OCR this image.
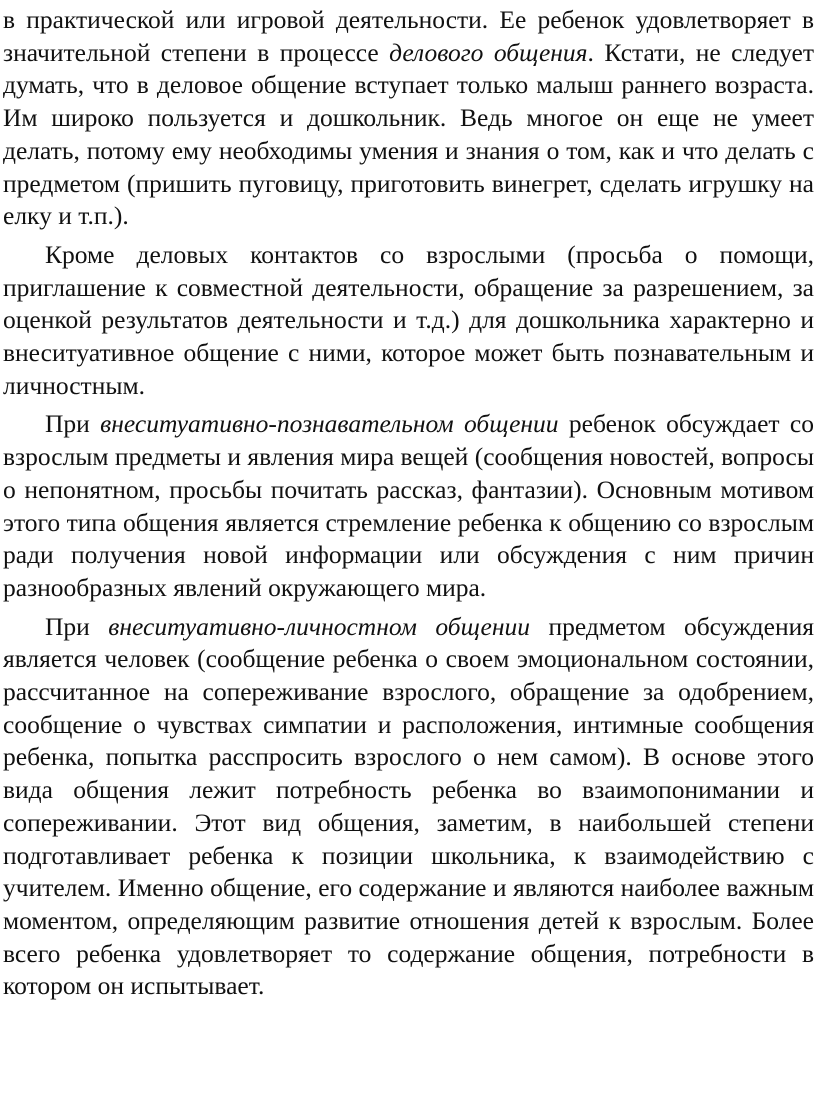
в практической или игровой деятельности. Ее ребенок удовлетворяет в значительной степени в процессе делового общения. Кстати, не следует думать, что в деловое общение вступает только малыш раннего возраста. Им широко пользуется и дошкольник. Ведь многое он еще не умеет делать, потому ему необходимы умения и знания о том, как и что делать с предметом (пришить пуговицу, приготовить винегрет, сделать игрушку на елку и т.п.).

Кроме деловых контактов со взрослыми (просьба о помощи, приглашение к совместной деятельности, обращение за разрешением, за оценкой результатов деятельности и т.д.) для дошкольника характерно и внеситуативное общение с ними, которое может быть познавательным и личностным.

При внеситуативно-познавательном общении ребенок обсуждает со взрослым предметы и явления мира вещей (сообщения новостей, вопросы о непонятном, просьбы почитать рассказ, фантазии). Основным мотивом этого типа общения является стремление ребенка к общению со взрослым ради получения новой информации или обсуждения с ним причин разнообразных явлений окружающего мира.

При внеситуативно-личностном общении предметом обсуждения является человек (сообщение ребенка о своем эмоциональном состоянии, рассчитанное на сопереживание взрослого, обращение за одобрением, сообщение о чувствах симпатии и расположения, интимные сообщения ребенка, попытка расспросить взрослого о нем самом). В основе этого вида общения лежит потребность ребенка во взаимопонимании и сопереживании. Этот вид общения, заметим, в наибольшей степени подготавливает ребенка к позиции школьника, к взаимодействию с учителем. Именно общение, его содержание и являются наиболее важным моментом, определяющим развитие отношения детей к взрослым. Более всего ребенка удовлетворяет то содержание общения, потребности в котором он испытывает.
